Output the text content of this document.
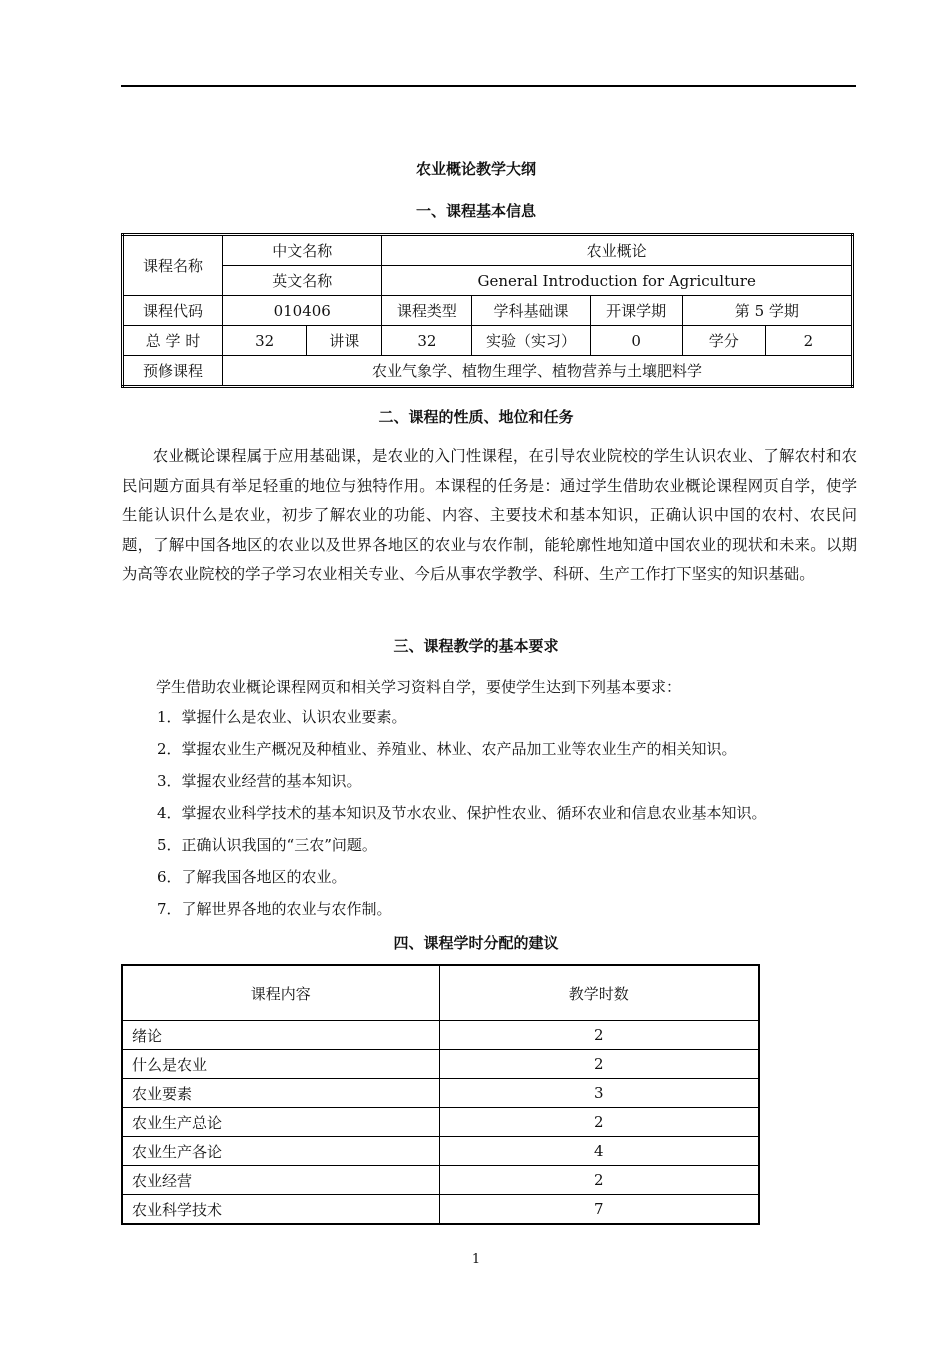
农业概论教学大纲
一、课程基本信息
课程名称	中文名称		农业概论				
	英文名称		General Introduction for Agriculture				
课程代码	010406		课程类型	学科基础课	开课学期	第 5 学期	
总 学 时	32	讲课	32	实验（实习）	0	学分	2
预修课程	农业气象学、植物生理学、植物营养与土壤肥料学						
二、课程的性质、地位和任务

农业概论课程属于应用基础课，是农业的入门性课程，在引导农业院校的学生认识农业、了解农村和农民问题方面具有举足轻重的地位与独特作用。本课程的任务是：通过学生借助农业概论课程网页自学，使学生能认识什么是农业，初步了解农业的功能、内容、主要技术和基本知识，正确认识中国的农村、农民问题，了解中国各地区的农业以及世界各地区的农业与农作制，能轮廓性地知道中国农业的现状和未来。以期为高等农业院校的学子学习农业相关专业、今后从事农学教学、科研、生产工作打下坚实的知识基础。

三、课程教学的基本要求

学生借助农业概论课程网页和相关学习资料自学，要使学生达到下列基本要求：

1．掌握什么是农业、认识农业要素。
2．掌握农业生产概况及种植业、养殖业、林业、农产品加工业等农业生产的相关知识。
3．掌握农业经营的基本知识。
4．掌握农业科学技术的基本知识及节水农业、保护性农业、循环农业和信息农业基本知识。
5．正确认识我国的“三农”问题。
6．了解我国各地区的农业。
7．了解世界各地的农业与农作制。
四、课程学时分配的建议
课程内容	教学时数
绪论	2
什么是农业	2
农业要素	3
农业生产总论	2
农业生产各论	4
农业经营	2
农业科学技术	7
1
